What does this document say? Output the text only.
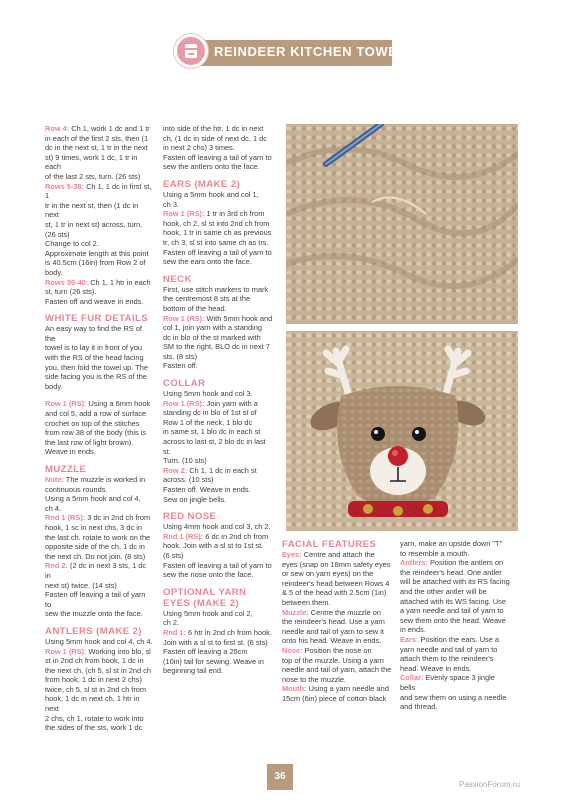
REINDEER KITCHEN TOWEL

Row 4: Ch 1, work 1 dc and 1 tr

in each of the first 2 sts, then (1

dc in the next st, 1 tr in the next

st) 9 times, work 1 dc, 1 tr in each

of the last 2 sts, turn. (26 sts)

Rows 5-38: Ch 1, 1 dc in first st, 1

tr in the next st, then (1 dc in next

st, 1 tr in next st) across, turn.

(26 sts)

Change to col 2.

Approximate length at this point

is 40.5cm (16in) from Row 2 of

body.

Rows 39-40: Ch 1, 1 htr in each

st, turn (26 sts).

Fasten off and weave in ends.

WHITE FUR DETAILS

An easy way to find the RS of the

towel is to lay it in front of you

with the RS of the head facing

you, then fold the towel up. The

side facing you is the RS of the

body.

Row 1 (RS): Using a 6mm hook

and col 5, add a row of surface

crochet on top of the stitches

from row 38 of the body (this is

the last row of light brown).

Weave in ends.

MUZZLE

Note: The muzzle is worked in

continuous rounds.

Using a 5mm hook and col 4,

ch 4.

Rnd 1 (RS): 3 dc in 2nd ch from

hook, 1 sc in next chs, 3 dc in

the last ch. rotate to work on the

opposite side of the ch, 1 dc in

the next ch. Do not join. (8 sts)

Rnd 2: (2 dc in next 3 sts, 1 dc in

next st) twice. (14 sts)

Fasten off leaving a tail of yarn to

sew the muzzle onto the face.

ANTLERS (MAKE 2)

Using 5mm hook and col 4, ch 4.

Row 1 (RS): Working into blo, sl

st in 2nd ch from hook, 1 dc in

the next ch, (ch 5, sl st in 2nd ch

from hook, 1 dc in next 2 chs)

twice, ch 5, sl st in 2nd ch from

hook, 1 dc in next ch, 1 htr in next

2 chs, ch 1, rotate to work into

the sides of the sts, work 1 dc

into side of the htr, 1 dc in next

ch, (1 dc in side of next dc, 1 dc

in next 2 chs) 3 times.

Fasten off leaving a tail of yarn to

sew the antlers onto the face.

EARS (MAKE 2)

Using a 5mm hook and col 1,

ch 3.

Row 1 (RS): 1 tr in 3rd ch from

hook, ch 2, sl st into 2nd ch from

hook, 1 tr in same ch as previous

tr, ch 3, sl st into same ch as trs.

Fasten off leaving a tail of yarn to

sew the ears onto the face.

NECK

First, use stitch markers to mark

the centremost 8 sts at the

bottom of the head.

Row 1 (RS): With 5mm hook and

col 1, join yarn with a standing

dc in blo of the st marked with

SM to the right, BLO dc in next 7

sts. (8 sts)

Fasten off.

COLLAR

Using 5mm hook and col 3.

Row 1 (RS): Join yarn with a

standing dc in blo of 1st st of

Row 1 of the neck, 1 blo dc

in same st, 1 blo dc in each st

across to last st, 2 blo dc in last st.

Turn. (10 sts)

Row 2: Ch 1, 1 dc in each st

across. (10 sts)

Fasten off. Weave in ends.

Sew on jingle bells.

RED NOSE

Using 4mm hook and col 3, ch 2.

Rnd 1 (RS): 6 dc in 2nd ch from

hook. Join with a sl st to 1st st.

(6 sts)

Fasten off leaving a tail of yarn to

sew the nose onto the face.

OPTIONAL YARN EYES (MAKE 2)

Using 5mm hook and col 2,

ch 2.

Rnd 1: 6 htr in 2nd ch from hook.

Join with a sl st to first st. (6 sts)

Fasten off leaving a 25cm

(10in) tail for sewing. Weave in

beginning tail end.

FACIAL FEATURES

Eyes: Centre and attach the

eyes (snap on 18mm safety eyes

or sew on yarn eyes) on the

reindeer's head between Rows 4

& 5 of the head with 2.5cm (1in)

between them.

Muzzle: Centre the muzzle on

the reindeer's head. Use a yarn

needle and tail of yarn to sew it

onto his head. Weave in ends.

Nose: Position the nose on

top of the muzzle. Using a yarn

needle and tail of yarn, attach the

nose to the muzzle.

Mouth: Using a yarn needle and

15cm (6in) piece of cotton black

yarn, make an upside down "T"

to resemble a mouth.

Antlers: Position the antlers on

the reindeer's head. One antler

will be attached with its RS facing

and the other antler will be

attached with its WS facing. Use

a yarn needle and tail of yarn to

sew them onto the head. Weave

in ends.

Ears: Position the ears. Use a

yarn needle and tail of yarn to

attach them to the reindeer's

head. Weave in ends.

Collar: Evenly space 3 jingle bells

and sew them on using a needle

and thread.

36
PassionForum.ru
